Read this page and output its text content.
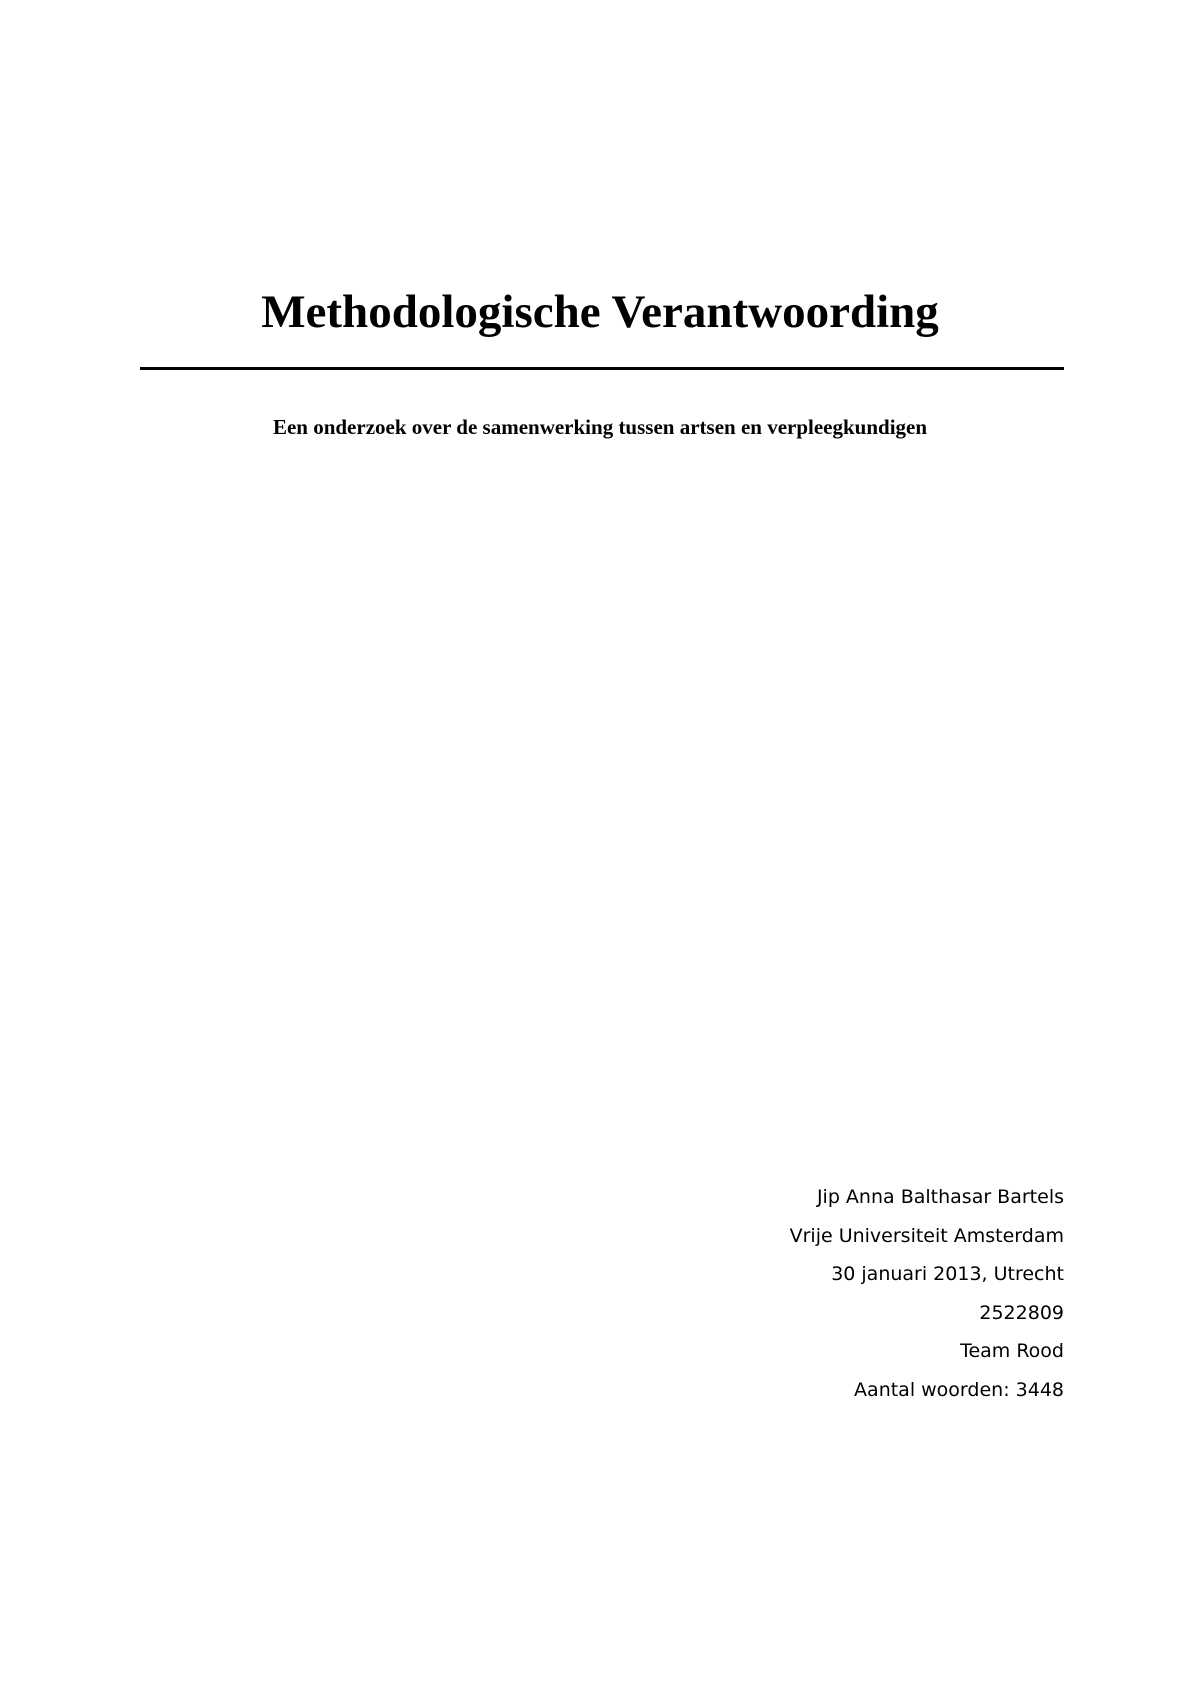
Methodologische Verantwoording
Een onderzoek over de samenwerking tussen artsen en verpleegkundigen
Jip Anna Balthasar Bartels
Vrije Universiteit Amsterdam
30 januari 2013, Utrecht
2522809
Team Rood
Aantal woorden: 3448
